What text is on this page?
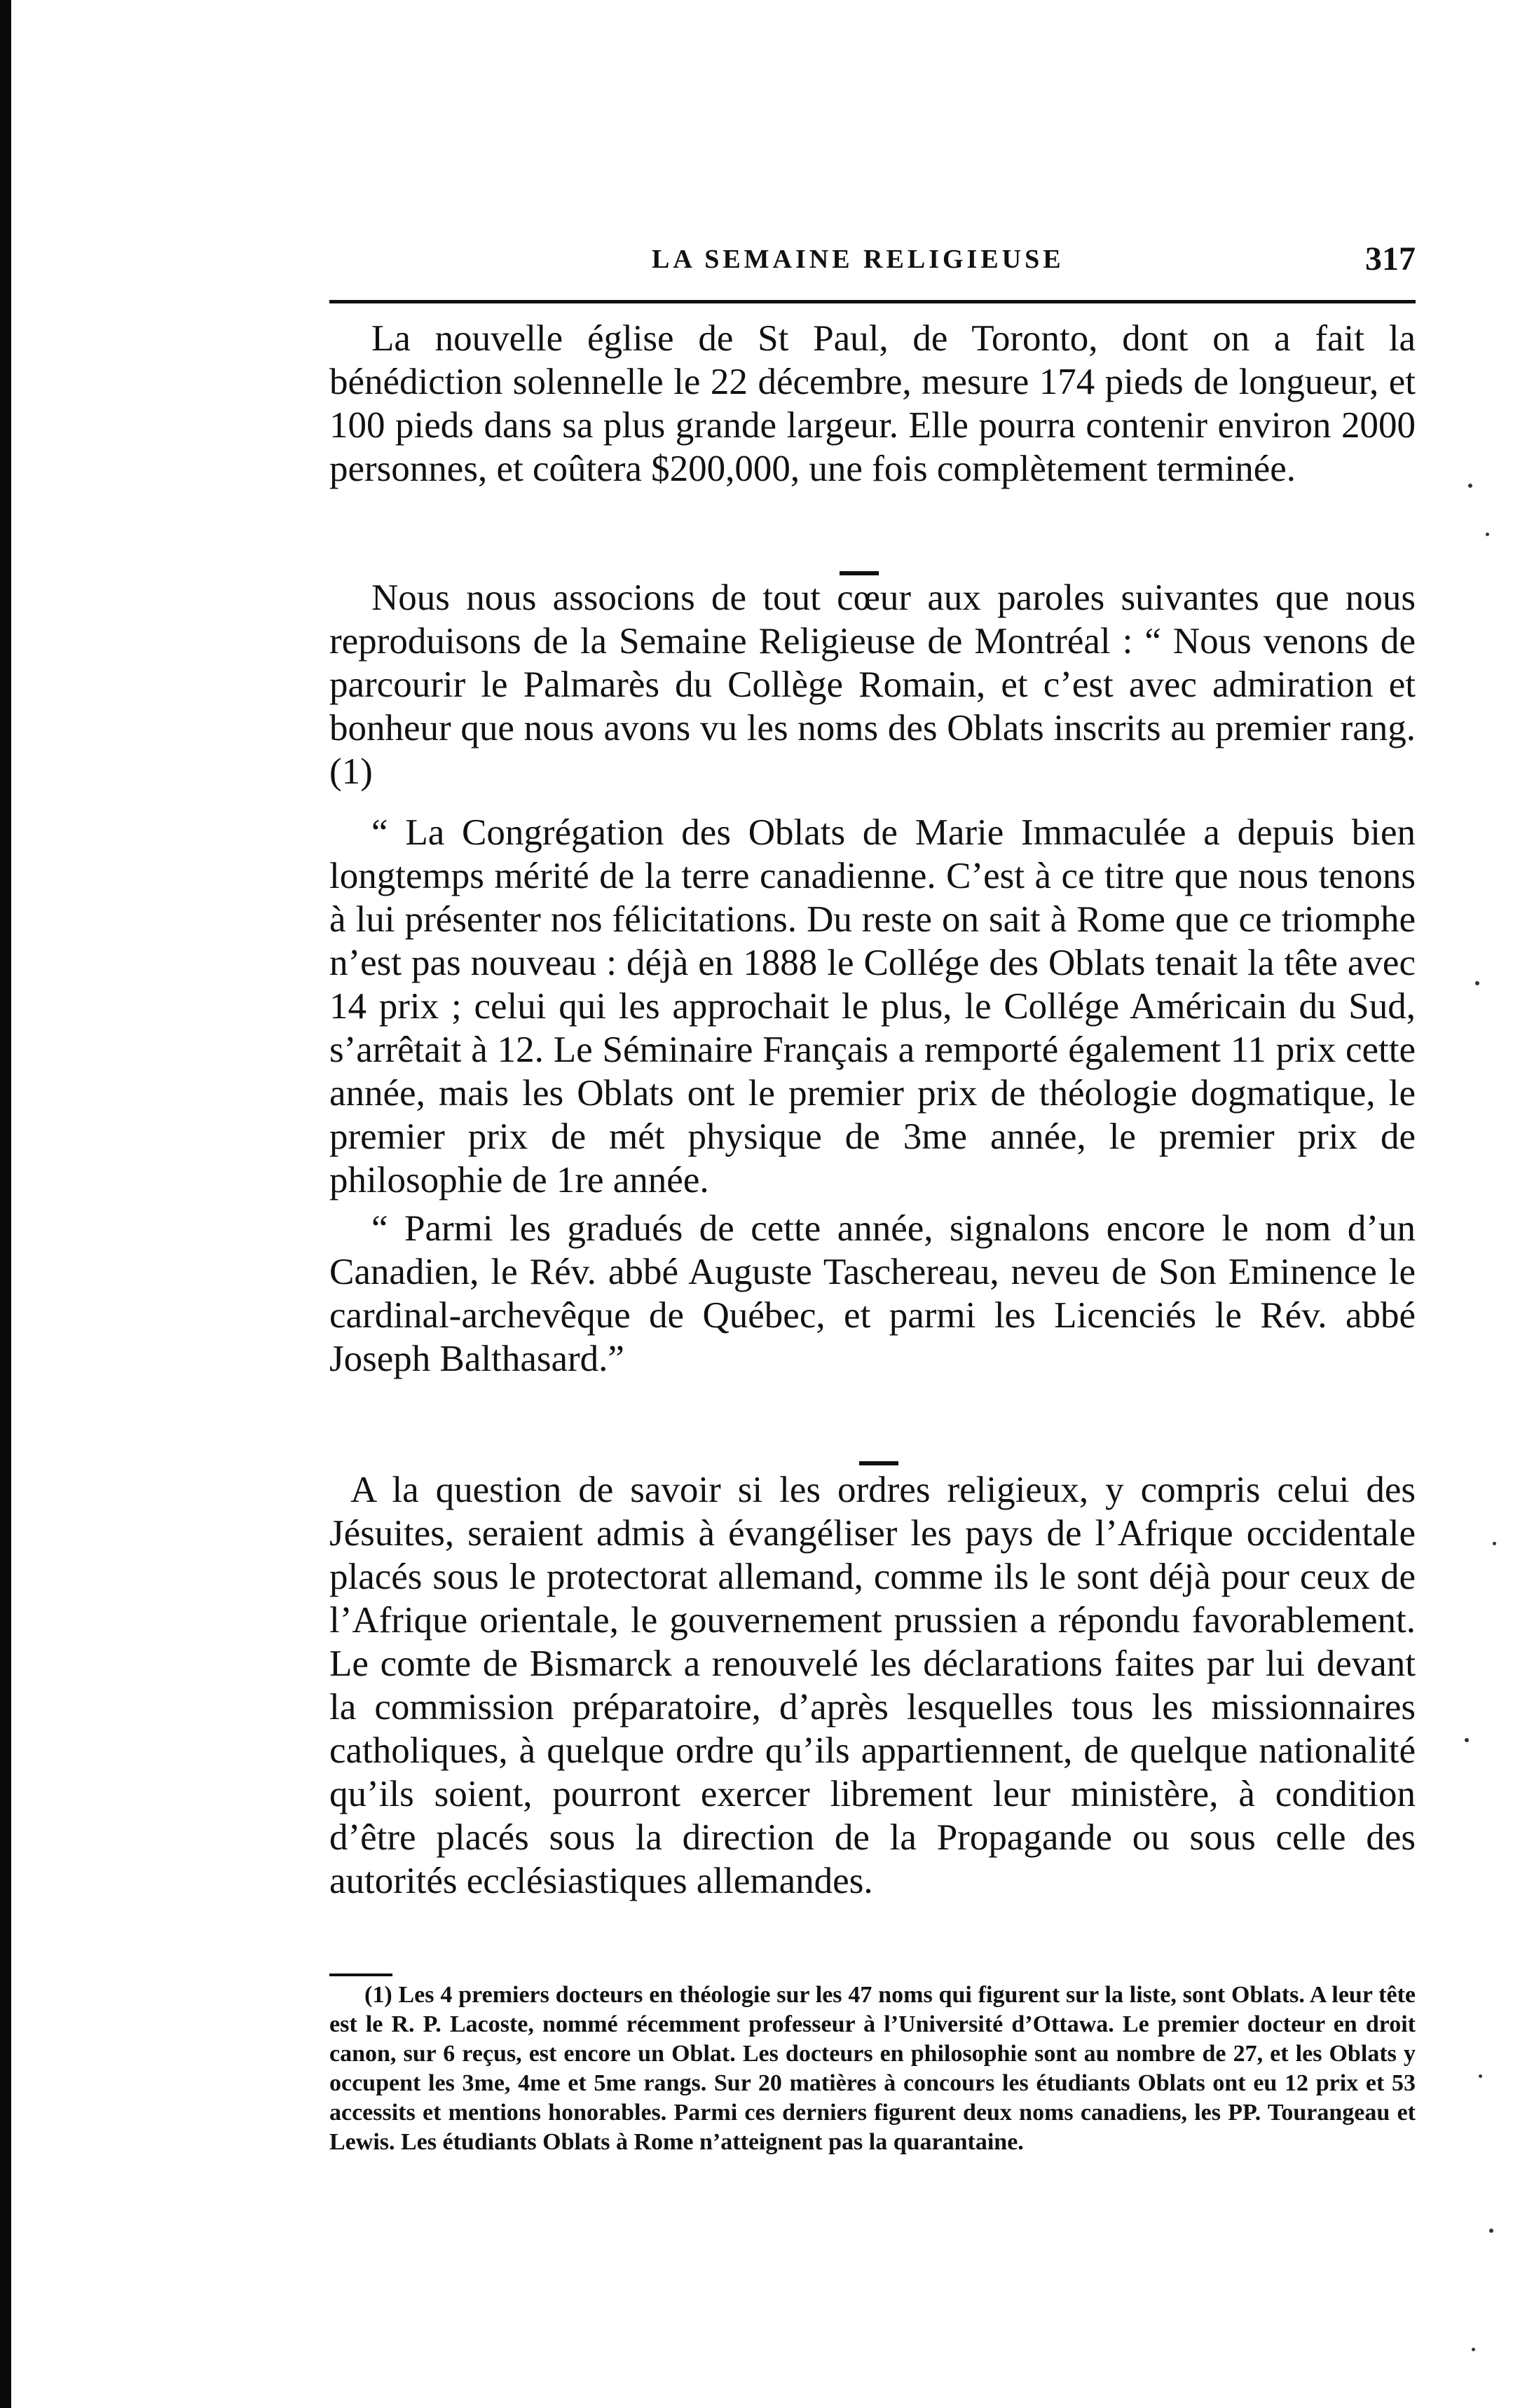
LA SEMAINE RELIGIEUSE	317

La nouvelle église de St Paul, de Toronto, dont on a fait la bénédiction solennelle le 22 décembre, mesure 174 pieds de longueur, et 100 pieds dans sa plus grande largeur. Elle pourra contenir environ 2000 personnes, et coûtera $200,000, une fois complètement terminée.

Nous nous associons de tout cœur aux paroles suivantes que nous reproduisons de la Semaine Religieuse de Montréal : “ Nous venons de parcourir le Palmarès du Collège Romain, et c’est avec admiration et bonheur que nous avons vu les noms des Oblats inscrits au premier rang. (1)

“ La Congrégation des Oblats de Marie Immaculée a depuis bien longtemps mérité de la terre canadienne. C’est à ce titre que nous tenons à lui présenter nos félicitations. Du reste on sait à Rome que ce triomphe n’est pas nouveau : déjà en 1888 le Collége des Oblats tenait la tête avec 14 prix ; celui qui les approchait le plus, le Collége Américain du Sud, s’arrêtait à 12. Le Séminaire Français a remporté également 11 prix cette année, mais les Oblats ont le premier prix de théologie dogmatique, le premier prix de mét physique de 3me année, le premier prix de philosophie de 1re année.

“ Parmi les gradués de cette année, signalons encore le nom d’un Canadien, le Rév. abbé Auguste Taschereau, neveu de Son Eminence le cardinal-archevêque de Québec, et parmi les Licenciés le Rév. abbé Joseph Balthasard.”

A la question de savoir si les ordres religieux, y compris celui des Jésuites, seraient admis à évangéliser les pays de l’Afrique occidentale placés sous le protectorat allemand, comme ils le sont déjà pour ceux de l’Afrique orientale, le gouvernement prussien a répondu favorablement. Le comte de Bismarck a renouvelé les déclarations faites par lui devant la commission préparatoire, d’après lesquelles tous les missionnaires catholiques, à quelque ordre qu’ils appartiennent, de quelque nationalité qu’ils soient, pourront exercer librement leur ministère, à condition d’être placés sous la direction de la Propagande ou sous celle des autorités ecclésiastiques allemandes.

(1) Les 4 premiers docteurs en théologie sur les 47 noms qui figurent sur la liste, sont Oblats. A leur tête est le R. P. Lacoste, nommé récemment professeur à l’Université d’Ottawa. Le premier docteur en droit canon, sur 6 reçus, est encore un Oblat. Les docteurs en philosophie sont au nombre de 27, et les Oblats y occupent les 3me, 4me et 5me rangs. Sur 20 matières à concours les étudiants Oblats ont eu 12 prix et 53 accessits et mentions honorables. Parmi ces derniers figurent deux noms canadiens, les PP. Tourangeau et Lewis. Les étudiants Oblats à Rome n’atteignent pas la quarantaine.
